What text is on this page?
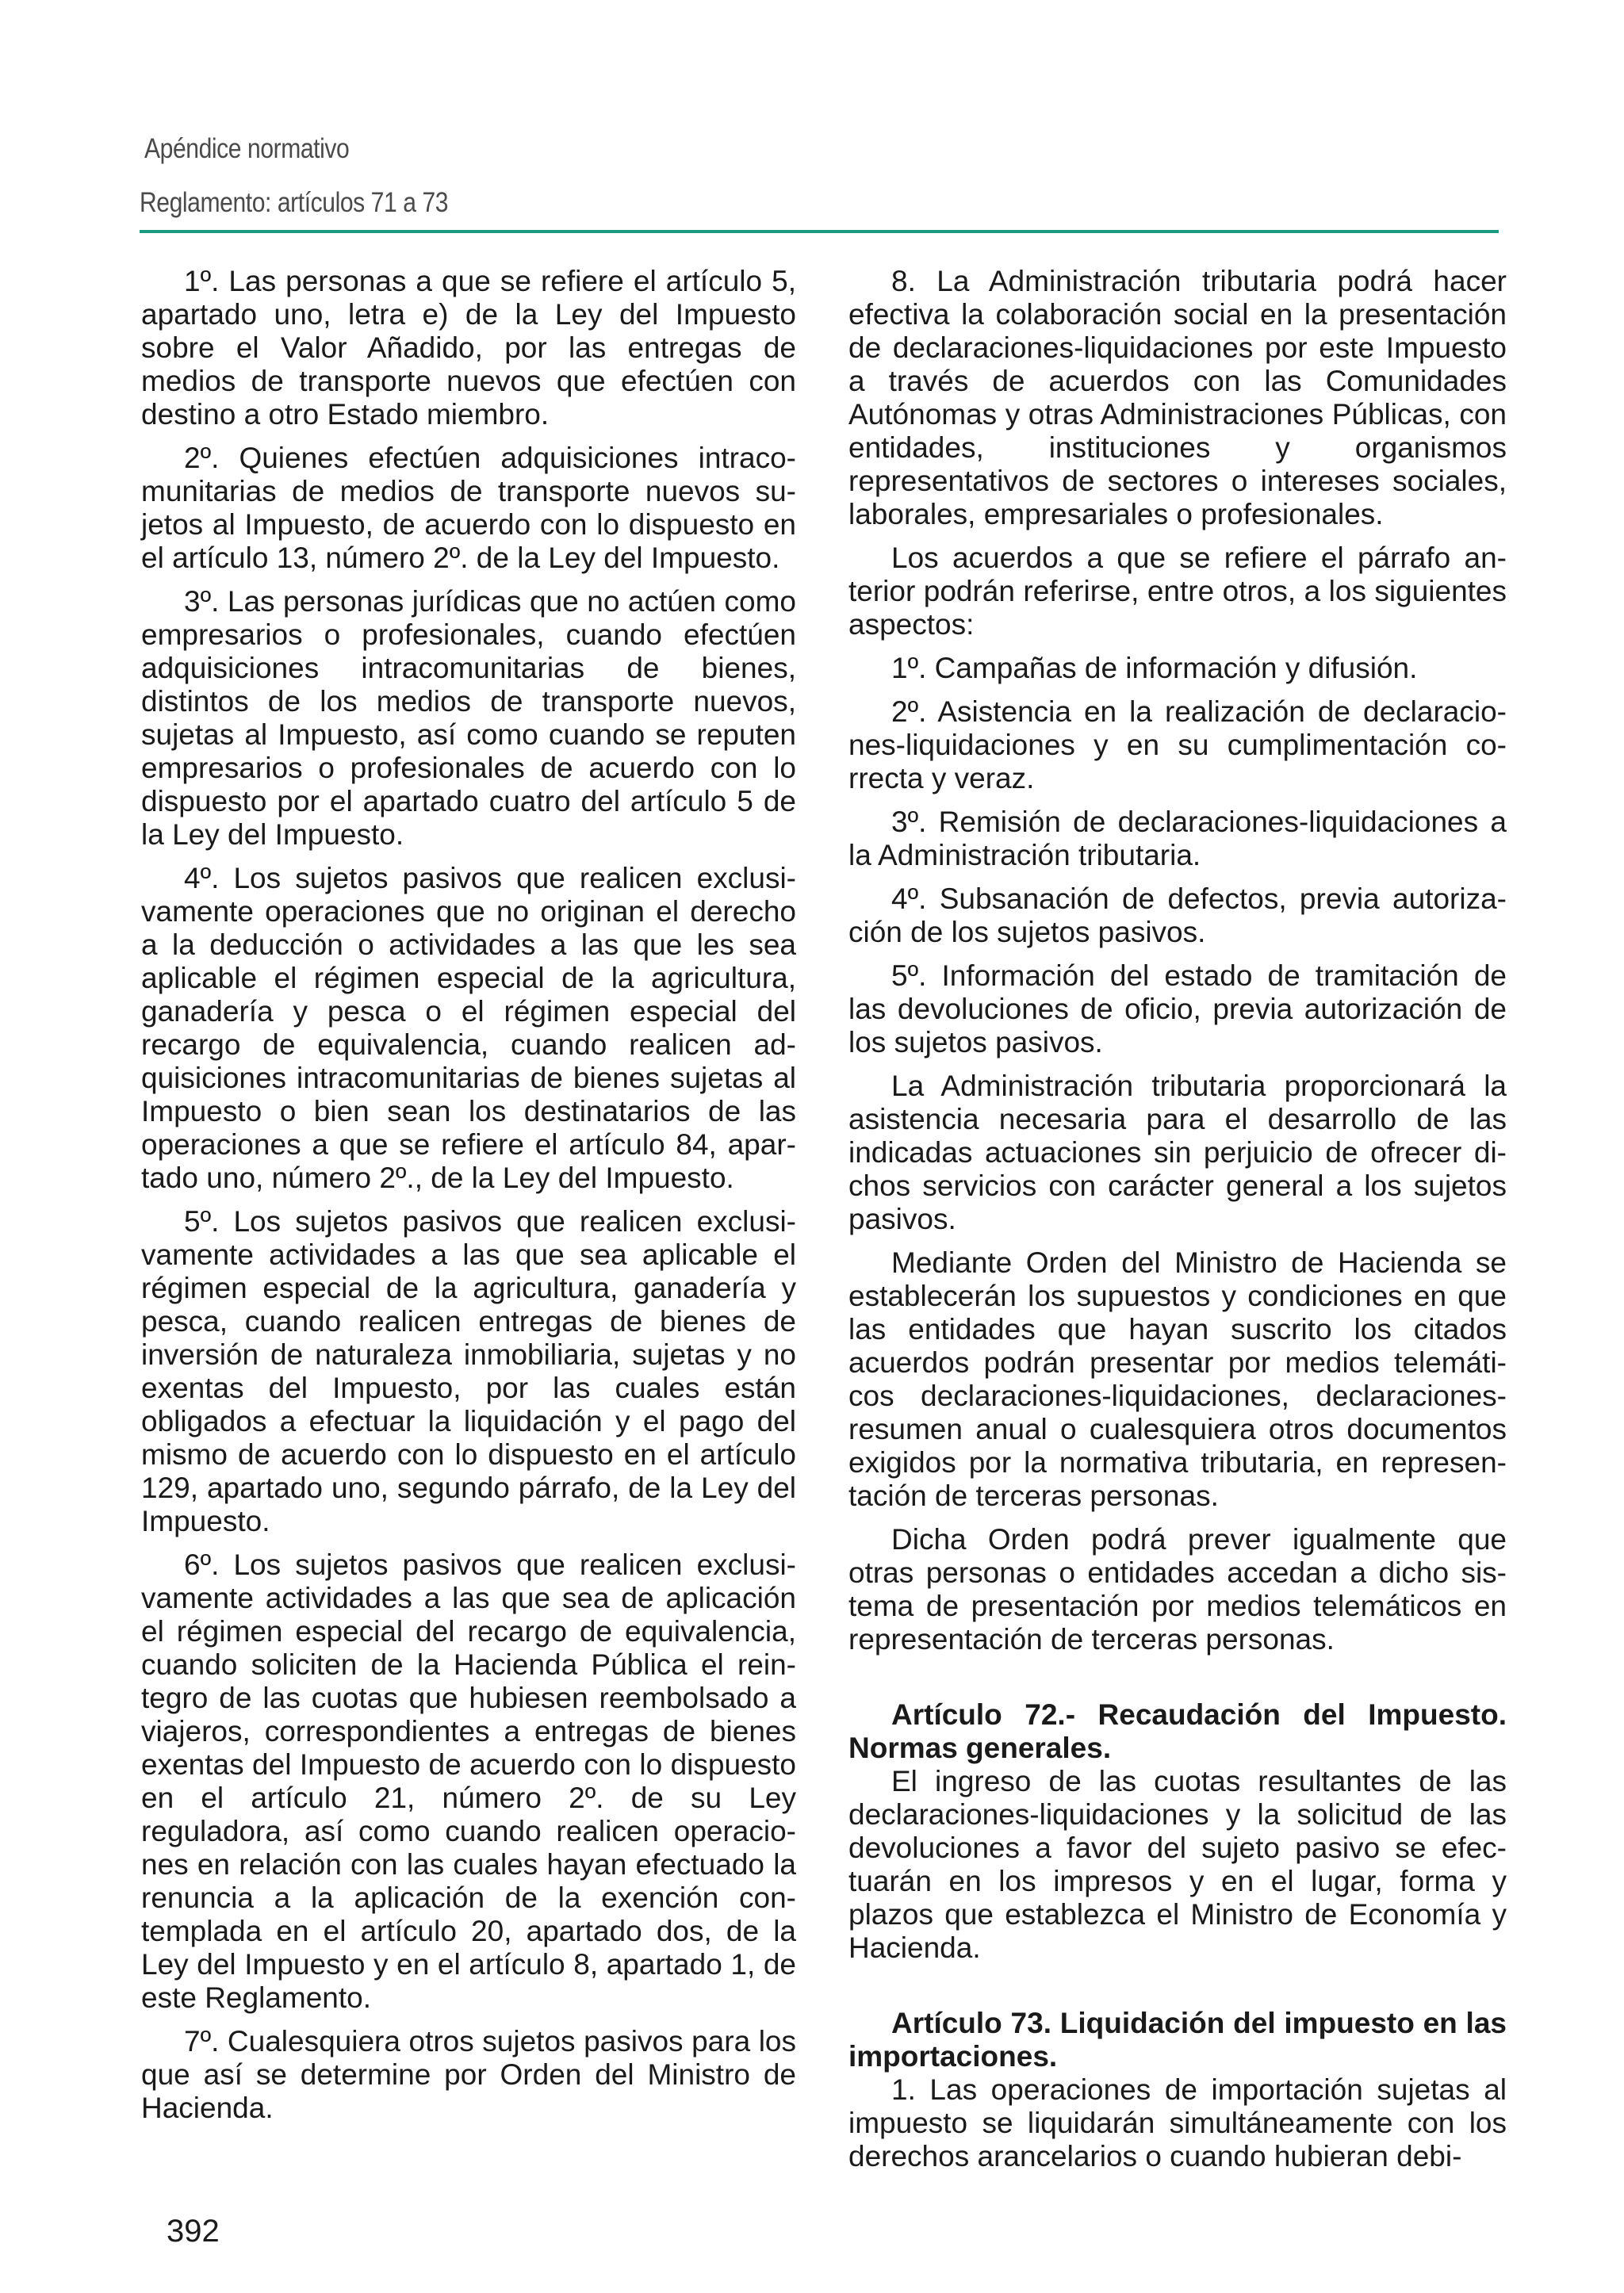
Apéndice normativo
Reglamento: artículos 71 a 73

1º. Las personas a que se refiere el artículo 5, apartado uno, letra e) de la Ley del Impuesto sobre el Valor Añadido, por las entregas de medios de transporte nuevos que efectúen con destino a otro Estado miembro.

2º. Quienes efectúen adquisiciones intracomunitarias de medios de transporte nuevos sujetos al Impuesto, de acuerdo con lo dispuesto en el artículo 13, número 2º. de la Ley del Impuesto.

3º. Las personas jurídicas que no actúen como empresarios o profesionales, cuando efectúen adquisiciones intracomunitarias de bienes, distintos de los medios de transporte nuevos, sujetas al Impuesto, así como cuando se reputen empresarios o profesionales de acuerdo con lo dispuesto por el apartado cuatro del artículo 5 de la Ley del Impuesto.

4º. Los sujetos pasivos que realicen exclusivamente operaciones que no originan el derecho a la deducción o actividades a las que les sea aplicable el régimen especial de la agricultura, ganadería y pesca o el régimen especial del recargo de equivalencia, cuando realicen adquisiciones intracomunitarias de bienes sujetas al Impuesto o bien sean los destinatarios de las operaciones a que se refiere el artículo 84, apartado uno, número 2º., de la Ley del Impuesto.

5º. Los sujetos pasivos que realicen exclusivamente actividades a las que sea aplicable el régimen especial de la agricultura, ganadería y pesca, cuando realicen entregas de bienes de inversión de naturaleza inmobiliaria, sujetas y no exentas del Impuesto, por las cuales están obligados a efectuar la liquidación y el pago del mismo de acuerdo con lo dispuesto en el artículo 129, apartado uno, segundo párrafo, de la Ley del Impuesto.

6º. Los sujetos pasivos que realicen exclusivamente actividades a las que sea de aplicación el régimen especial del recargo de equivalencia, cuando soliciten de la Hacienda Pública el reintegro de las cuotas que hubiesen reembolsado a viajeros, correspondientes a entregas de bienes exentas del Impuesto de acuerdo con lo dispuesto en el artículo 21, número 2º. de su Ley reguladora, así como cuando realicen operaciones en relación con las cuales hayan efectuado la renuncia a la aplicación de la exención contemplada en el artículo 20, apartado dos, de la Ley del Impuesto y en el artículo 8, apartado 1, de este Reglamento.

7º. Cualesquiera otros sujetos pasivos para los que así se determine por Orden del Ministro de Hacienda.

8. La Administración tributaria podrá hacer efectiva la colaboración social en la presentación de declaraciones-liquidaciones por este Impuesto a través de acuerdos con las Comunidades Autónomas y otras Administraciones Públicas, con entidades, instituciones y organismos representativos de sectores o intereses sociales, laborales, empresariales o profesionales.

Los acuerdos a que se refiere el párrafo anterior podrán referirse, entre otros, a los siguientes aspectos:

1º. Campañas de información y difusión.

2º. Asistencia en la realización de declaraciones-liquidaciones y en su cumplimentación correcta y veraz.

3º. Remisión de declaraciones-liquidaciones a la Administración tributaria.

4º. Subsanación de defectos, previa autorización de los sujetos pasivos.

5º. Información del estado de tramitación de las devoluciones de oficio, previa autorización de los sujetos pasivos.

La Administración tributaria proporcionará la asistencia necesaria para el desarrollo de las indicadas actuaciones sin perjuicio de ofrecer dichos servicios con carácter general a los sujetos pasivos.

Mediante Orden del Ministro de Hacienda se establecerán los supuestos y condiciones en que las entidades que hayan suscrito los citados acuerdos podrán presentar por medios telemáticos declaraciones-liquidaciones, declaraciones-resumen anual o cualesquiera otros documentos exigidos por la normativa tributaria, en representación de terceras personas.

Dicha Orden podrá prever igualmente que otras personas o entidades accedan a dicho sistema de presentación por medios telemáticos en representación de terceras personas.

Artículo 72.- Recaudación del Impuesto. Normas generales.

El ingreso de las cuotas resultantes de las declaraciones-liquidaciones y la solicitud de las devoluciones a favor del sujeto pasivo se efectuarán en los impresos y en el lugar, forma y plazos que establezca el Ministro de Economía y Hacienda.

Artículo 73. Liquidación del impuesto en las importaciones.

1. Las operaciones de importación sujetas al impuesto se liquidarán simultáneamente con los derechos arancelarios o cuando hubieran debi-

392
